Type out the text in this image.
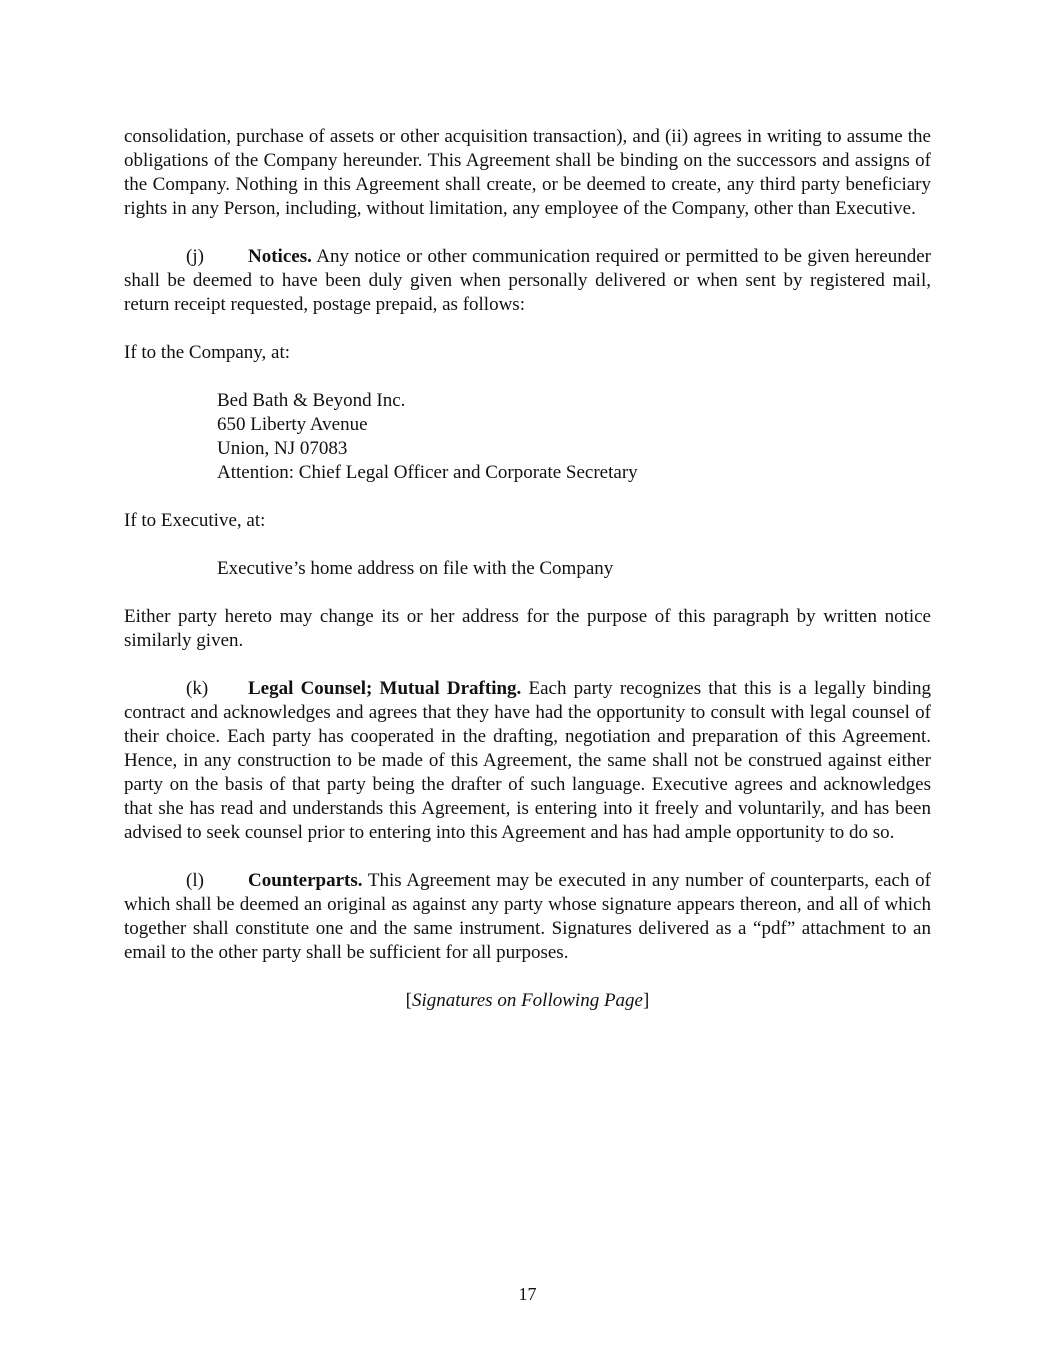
consolidation, purchase of assets or other acquisition transaction), and (ii) agrees in writing to assume the obligations of the Company hereunder. This Agreement shall be binding on the successors and assigns of the Company. Nothing in this Agreement shall create, or be deemed to create, any third party beneficiary rights in any Person, including, without limitation, any employee of the Company, other than Executive.

(j) Notices. Any notice or other communication required or permitted to be given hereunder shall be deemed to have been duly given when personally delivered or when sent by registered mail, return receipt requested, postage prepaid, as follows:

If to the Company, at:

Bed Bath & Beyond Inc.
650 Liberty Avenue
Union, NJ 07083
Attention: Chief Legal Officer and Corporate Secretary

If to Executive, at:

Executive’s home address on file with the Company

Either party hereto may change its or her address for the purpose of this paragraph by written notice similarly given.

(k) Legal Counsel; Mutual Drafting. Each party recognizes that this is a legally binding contract and acknowledges and agrees that they have had the opportunity to consult with legal counsel of their choice. Each party has cooperated in the drafting, negotiation and preparation of this Agreement. Hence, in any construction to be made of this Agreement, the same shall not be construed against either party on the basis of that party being the drafter of such language. Executive agrees and acknowledges that she has read and understands this Agreement, is entering into it freely and voluntarily, and has been advised to seek counsel prior to entering into this Agreement and has had ample opportunity to do so.

(l) Counterparts. This Agreement may be executed in any number of counterparts, each of which shall be deemed an original as against any party whose signature appears thereon, and all of which together shall constitute one and the same instrument. Signatures delivered as a “pdf” attachment to an email to the other party shall be sufficient for all purposes.

[Signatures on Following Page]

17
